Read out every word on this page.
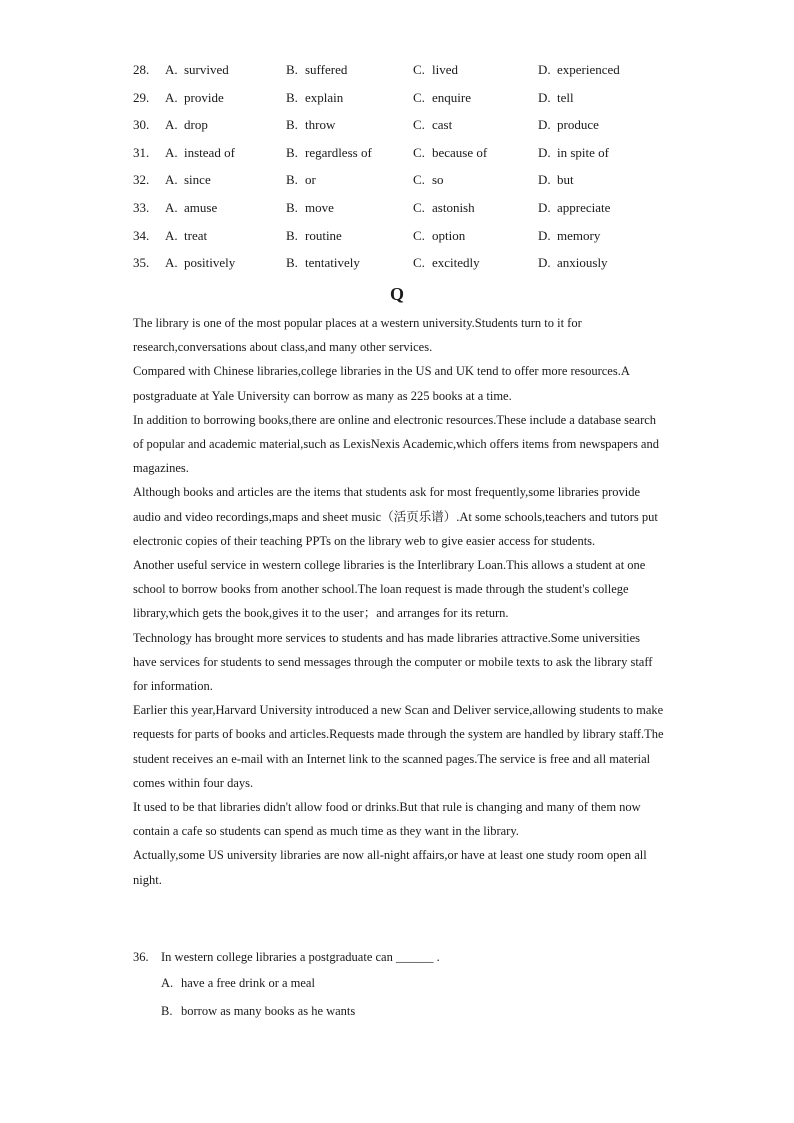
28.	A. survived	B. suffered	C. lived	D. experienced
29.	A. provide	B. explain	C. enquire	D. tell
30.	A. drop	B. throw	C. cast	D. produce
31.	A. instead of	B. regardless of	C. because of	D. in spite of
32.	A. since	B. or	C. so	D. but
33.	A. amuse	B. move	C. astonish	D. appreciate
34.	A. treat	B. routine	C. option	D. memory
35.	A. positively	B. tentatively	C. excitedly	D. anxiously
Q

The library is one of the most popular places at a western university.Students turn to it for research,conversations about class,and many other services.

Compared with Chinese libraries,college libraries in the US and UK tend to offer more resources.A postgraduate at Yale University can borrow as many as 225 books at a time.

In addition to borrowing books,there are online and electronic resources.These include a database search of popular and academic material,such as LexisNexis Academic,which offers items from newspapers and magazines.

Although books and articles are the items that students ask for most frequently,some libraries provide audio and video recordings,maps and sheet music（活页乐谱）.At some schools,teachers and tutors put electronic copies of their teaching PPTs on the library web to give easier access for students.

Another useful service in western college libraries is the Interlibrary Loan.This allows a student at one school to borrow books from another school.The loan request is made through the student's college library,which gets the book,gives it to the user；and arranges for its return.

Technology has brought more services to students and has made libraries attractive.Some universities have services for students to send messages through the computer or mobile texts to ask the library staff for information.

Earlier this year,Harvard University introduced a new Scan and Deliver service,allowing students to make requests for parts of books and articles.Requests made through the system are handled by library staff.The student receives an e-mail with an Internet link to the scanned pages.The service is free and all material comes within four days.

It used to be that libraries didn't allow food or drinks.But that rule is changing and many of them now contain a cafe so students can spend as much time as they want in the library.

Actually,some US university libraries are now all-night affairs,or have at least one study room open all night.

36. In western college libraries a postgraduate can ______ .
A. have a free drink or a meal
B. borrow as many books as he wants
